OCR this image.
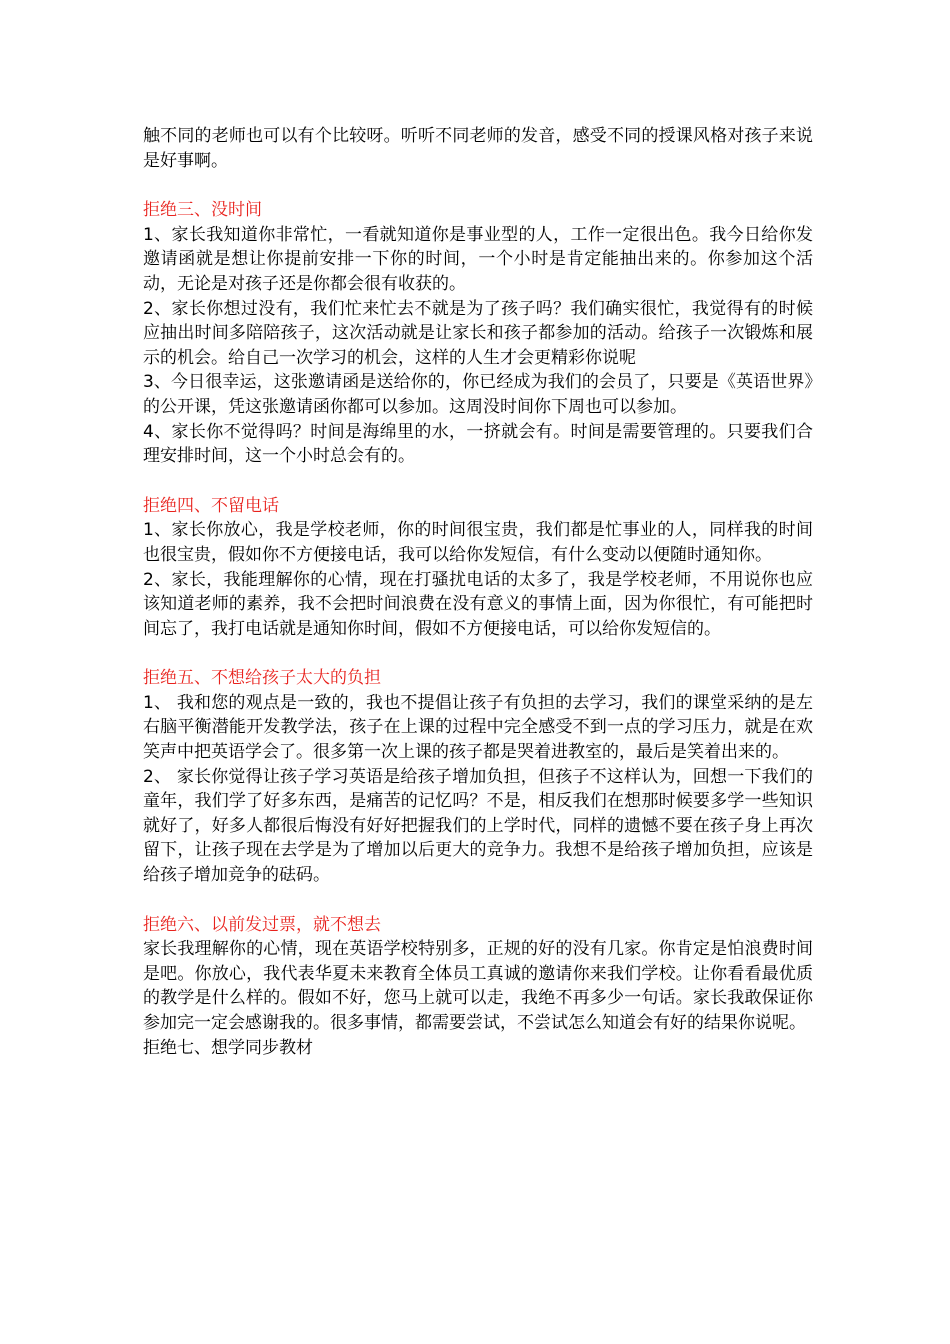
触不同的老师也可以有个比较呀。听听不同老师的发音，感受不同的授课风格对孩子来说是好事啊。

拒绝三、没时间

1、家长我知道你非常忙，一看就知道你是事业型的人，工作一定很出色。我今日给你发邀请函就是想让你提前安排一下你的时间，一个小时是肯定能抽出来的。你参加这个活动，无论是对孩子还是你都会很有收获的。

2、家长你想过没有，我们忙来忙去不就是为了孩子吗？我们确实很忙，我觉得有的时候应抽出时间多陪陪孩子，这次活动就是让家长和孩子都参加的活动。给孩子一次锻炼和展示的机会。给自己一次学习的机会，这样的人生才会更精彩你说呢

3、今日很幸运，这张邀请函是送给你的，你已经成为我们的会员了，只要是《英语世界》的公开课，凭这张邀请函你都可以参加。这周没时间你下周也可以参加。

4、家长你不觉得吗？时间是海绵里的水，一挤就会有。时间是需要管理的。只要我们合理安排时间，这一个小时总会有的。

拒绝四、不留电话

1、家长你放心，我是学校老师，你的时间很宝贵，我们都是忙事业的人，同样我的时间也很宝贵，假如你不方便接电话，我可以给你发短信，有什么变动以便随时通知你。

2、家长，我能理解你的心情，现在打骚扰电话的太多了，我是学校老师，不用说你也应该知道老师的素养，我不会把时间浪费在没有意义的事情上面，因为你很忙，有可能把时间忘了，我打电话就是通知你时间，假如不方便接电话，可以给你发短信的。

拒绝五、不想给孩子太大的负担

1、 我和您的观点是一致的，我也不提倡让孩子有负担的去学习，我们的课堂采纳的是左右脑平衡潜能开发教学法，孩子在上课的过程中完全感受不到一点的学习压力，就是在欢笑声中把英语学会了。很多第一次上课的孩子都是哭着进教室的，最后是笑着出来的。

2、 家长你觉得让孩子学习英语是给孩子增加负担，但孩子不这样认为，回想一下我们的童年，我们学了好多东西，是痛苦的记忆吗？不是，相反我们在想那时候要多学一些知识就好了，好多人都很后悔没有好好把握我们的上学时代，同样的遗憾不要在孩子身上再次留下，让孩子现在去学是为了增加以后更大的竞争力。我想不是给孩子增加负担，应该是给孩子增加竞争的砝码。

拒绝六、以前发过票，就不想去

家长我理解你的心情，现在英语学校特别多，正规的好的没有几家。你肯定是怕浪费时间是吧。你放心，我代表华夏未来教育全体员工真诚的邀请你来我们学校。让你看看最优质的教学是什么样的。假如不好，您马上就可以走，我绝不再多少一句话。家长我敢保证你参加完一定会感谢我的。很多事情，都需要尝试，不尝试怎么知道会有好的结果你说呢。

拒绝七、想学同步教材
